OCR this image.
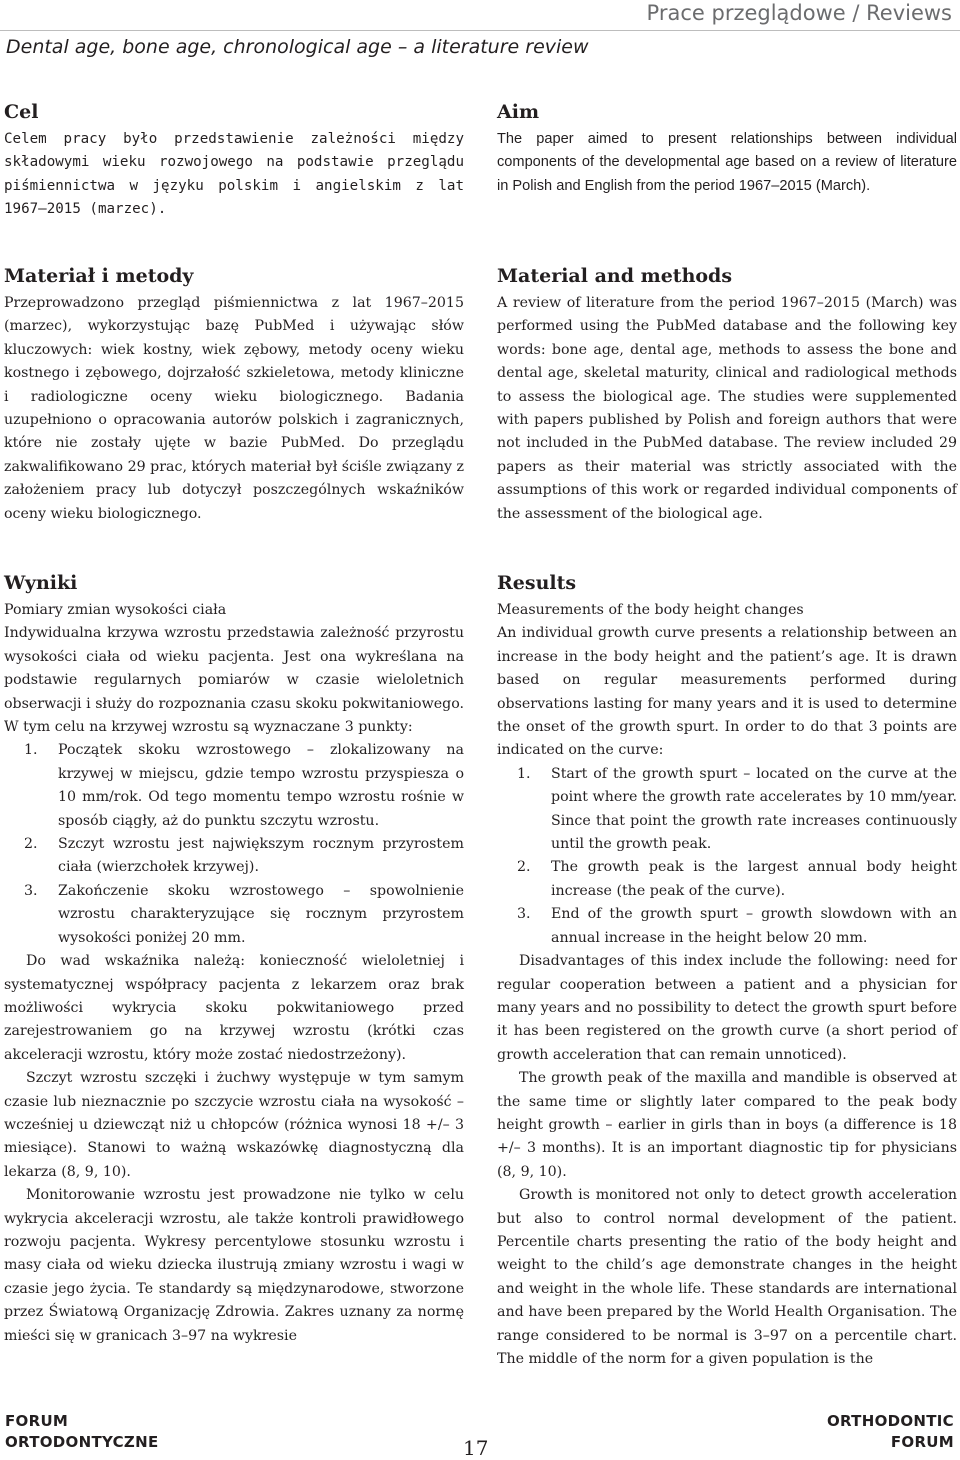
Prace przeglądowe / Reviews
Dental age, bone age, chronological age – a literature review
Cel

Celem pracy było przedstawienie zależności między składowymi wieku rozwojowego na podstawie przeglądu piśmiennictwa w języku polskim i angielskim z lat 1967–2015 (marzec).

Materiał i metody

Przeprowadzono przegląd piśmiennictwa z lat 1967–2015 (marzec), wykorzystując bazę PubMed i używając słów kluczowych: wiek kostny, wiek zębowy, metody oceny wieku kostnego i zębowego, dojrzałość szkieletowa, metody kliniczne i radiologiczne oceny wieku biologicznego. Badania uzupełniono o opracowania autorów polskich i zagranicznych, które nie zostały ujęte w bazie PubMed. Do przeglądu zakwalifikowano 29 prac, których materiał był ściśle związany z założeniem pracy lub dotyczył poszczególnych wskaźników oceny wieku biologicznego.

Wyniki

Pomiary zmian wysokości ciała

Indywidualna krzywa wzrostu przedstawia zależność przyrostu wysokości ciała od wieku pacjenta. Jest ona wykreślana na podstawie regularnych pomiarów w czasie wieloletnich obserwacji i służy do rozpoznania czasu skoku pokwitaniowego. W tym celu na krzywej wzrostu są wyznaczane 3 punkty:

1. Początek skoku wzrostowego – zlokalizowany na krzywej w miejscu, gdzie tempo wzrostu przyspiesza o 10 mm/rok. Od tego momentu tempo wzrostu rośnie w sposób ciągły, aż do punktu szczytu wzrostu.
2. Szczyt wzrostu jest największym rocznym przyrostem ciała (wierzchołek krzywej).
3. Zakończenie skoku wzrostowego – spowolnienie wzrostu charakteryzujące się rocznym przyrostem wysokości poniżej 20 mm.

Do wad wskaźnika należą: konieczność wieloletniej i systematycznej współpracy pacjenta z lekarzem oraz brak możliwości wykrycia skoku pokwitaniowego przed zarejestrowaniem go na krzywej wzrostu (krótki czas akceleracji wzrostu, który może zostać niedostrzeżony).

Szczyt wzrostu szczęki i żuchwy występuje w tym samym czasie lub nieznacznie po szczycie wzrostu ciała na wysokość – wcześniej u dziewcząt niż u chłopców (różnica wynosi 18 +/– 3 miesiące). Stanowi to ważną wskazówkę diagnostyczną dla lekarza (8, 9, 10).

Monitorowanie wzrostu jest prowadzone nie tylko w celu wykrycia akceleracji wzrostu, ale także kontroli prawidłowego rozwoju pacjenta. Wykresy percentylowe stosunku wzrostu i masy ciała od wieku dziecka ilustrują zmiany wzrostu i wagi w czasie jego życia. Te standardy są międzynarodowe, stworzone przez Światową Organizację Zdrowia. Zakres uznany za normę mieści się w granicach 3–97 na wykresie

Aim

The paper aimed to present relationships between individual components of the developmental age based on a review of literature in Polish and English from the period 1967–2015 (March).

Material and methods

A review of literature from the period 1967–2015 (March) was performed using the PubMed database and the following key words: bone age, dental age, methods to assess the bone and dental age, skeletal maturity, clinical and radiological methods to assess the biological age. The studies were supplemented with papers published by Polish and foreign authors that were not included in the PubMed database. The review included 29 papers as their material was strictly associated with the assumptions of this work or regarded individual components of the assessment of the biological age.

Results

Measurements of the body height changes

An individual growth curve presents a relationship between an increase in the body height and the patient’s age. It is drawn based on regular measurements performed during observations lasting for many years and it is used to determine the onset of the growth spurt. In order to do that 3 points are indicated on the curve:

1. Start of the growth spurt – located on the curve at the point where the growth rate accelerates by 10 mm/year. Since that point the growth rate increases continuously until the growth peak.
2. The growth peak is the largest annual body height increase (the peak of the curve).
3. End of the growth spurt – growth slowdown with an annual increase in the height below 20 mm.

Disadvantages of this index include the following: need for regular cooperation between a patient and a physician for many years and no possibility to detect the growth spurt before it has been registered on the growth curve (a short period of growth acceleration that can remain unnoticed).

The growth peak of the maxilla and mandible is observed at the same time or slightly later compared to the peak body height growth – earlier in girls than in boys (a difference is 18 +/– 3 months). It is an important diagnostic tip for physicians (8, 9, 10).

Growth is monitored not only to detect growth acceleration but also to control normal development of the patient. Percentile charts presenting the ratio of the body height and weight to the child’s age demonstrate changes in the height and weight in the whole life. These standards are international and have been prepared by the World Health Organisation. The range considered to be normal is 3–97 on a percentile chart. The middle of the norm for a given population is the

FORUM
ORTODONTYCZNE	17
ORTHODONTIC
FORUM
